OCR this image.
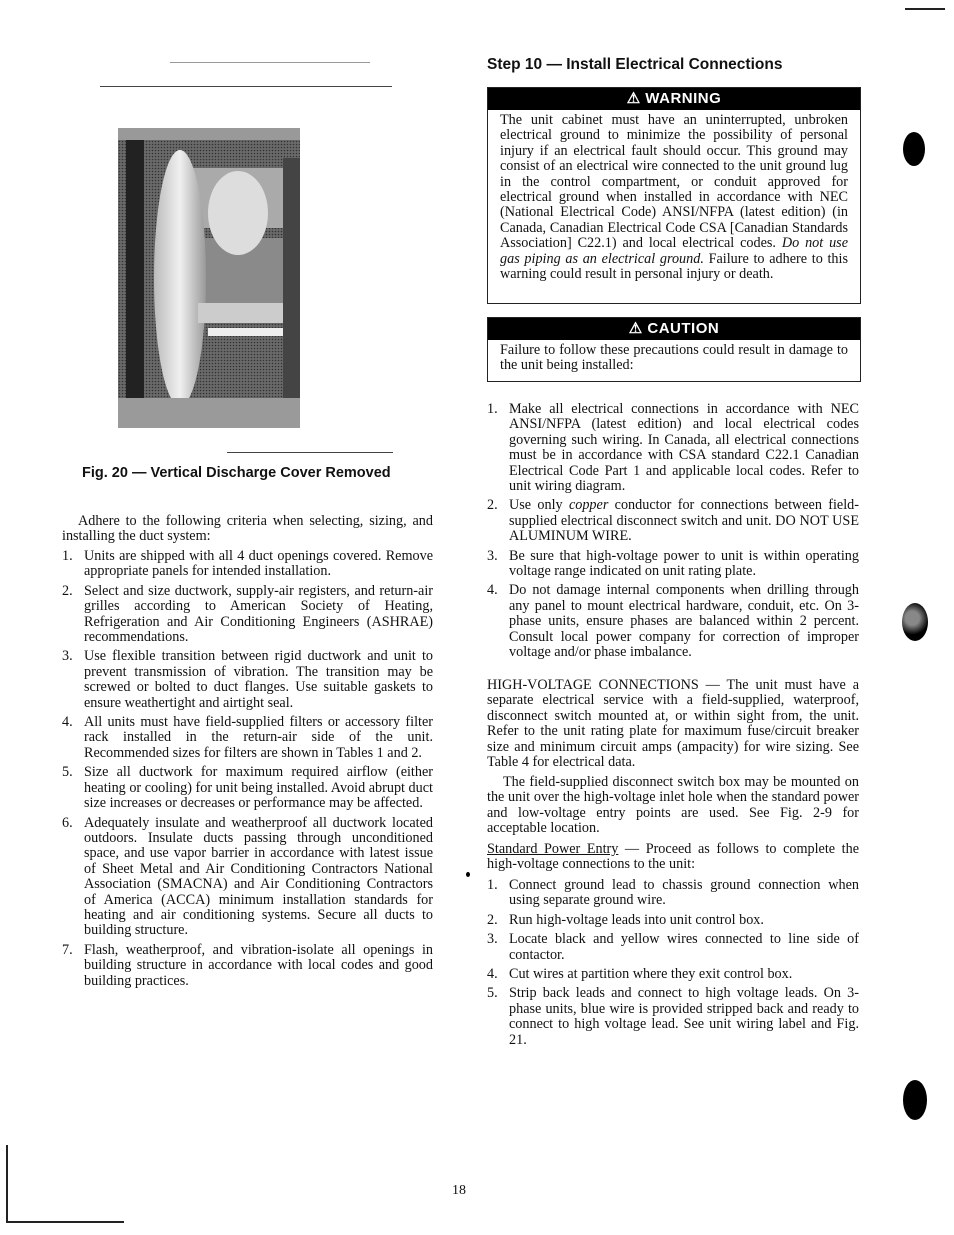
Fig. 20 — Vertical Discharge Cover Removed
Adhere to the following criteria when selecting, sizing, and installing the duct system:
1. Units are shipped with all 4 duct openings covered. Remove appropriate panels for intended installation.
2. Select and size ductwork, supply-air registers, and return-air grilles according to American Society of Heating, Refrigeration and Air Conditioning Engineers (ASHRAE) recommendations.
3. Use flexible transition between rigid ductwork and unit to prevent transmission of vibration. The transition may be screwed or bolted to duct flanges. Use suitable gaskets to ensure weathertight and airtight seal.
4. All units must have field-supplied filters or accessory filter rack installed in the return-air side of the unit. Recommended sizes for filters are shown in Tables 1 and 2.
5. Size all ductwork for maximum required airflow (either heating or cooling) for unit being installed. Avoid abrupt duct size increases or decreases or performance may be affected.
6. Adequately insulate and weatherproof all ductwork located outdoors. Insulate ducts passing through unconditioned space, and use vapor barrier in accordance with latest issue of Sheet Metal and Air Conditioning Contractors National Association (SMACNA) and Air Conditioning Contractors of America (ACCA) minimum installation standards for heating and air conditioning systems. Secure all ducts to building structure.
7. Flash, weatherproof, and vibration-isolate all openings in building structure in accordance with local codes and good building practices.
Step 10 — Install Electrical Connections
⚠ WARNING
The unit cabinet must have an uninterrupted, unbroken electrical ground to minimize the possibility of personal injury if an electrical fault should occur. This ground may consist of an electrical wire connected to the unit ground lug in the control compartment, or conduit approved for electrical ground when installed in accordance with NEC (National Electrical Code) ANSI/NFPA (latest edition) (in Canada, Canadian Electrical Code CSA [Canadian Standards Association] C22.1) and local electrical codes. Do not use gas piping as an electrical ground. Failure to adhere to this warning could result in personal injury or death.
⚠ CAUTION
Failure to follow these precautions could result in damage to the unit being installed:
1. Make all electrical connections in accordance with NEC ANSI/NFPA (latest edition) and local electrical codes governing such wiring. In Canada, all electrical connections must be in accordance with CSA standard C22.1 Canadian Electrical Code Part 1 and applicable local codes. Refer to unit wiring diagram.
2. Use only copper conductor for connections between field-supplied electrical disconnect switch and unit. DO NOT USE ALUMINUM WIRE.
3. Be sure that high-voltage power to unit is within operating voltage range indicated on unit rating plate.
4. Do not damage internal components when drilling through any panel to mount electrical hardware, conduit, etc. On 3-phase units, ensure phases are balanced within 2 percent. Consult local power company for correction of improper voltage and/or phase imbalance.
HIGH-VOLTAGE CONNECTIONS — The unit must have a separate electrical service with a field-supplied, waterproof, disconnect switch mounted at, or within sight from, the unit. Refer to the unit rating plate for maximum fuse/circuit breaker size and minimum circuit amps (ampacity) for wire sizing. See Table 4 for electrical data.
The field-supplied disconnect switch box may be mounted on the unit over the high-voltage inlet hole when the standard power and low-voltage entry points are used. See Fig. 2-9 for acceptable location.
Standard Power Entry — Proceed as follows to complete the high-voltage connections to the unit:
1. Connect ground lead to chassis ground connection when using separate ground wire.
2. Run high-voltage leads into unit control box.
3. Locate black and yellow wires connected to line side of contactor.
4. Cut wires at partition where they exit control box.
5. Strip back leads and connect to high voltage leads. On 3-phase units, blue wire is provided stripped back and ready to connect to high voltage lead. See unit wiring label and Fig. 21.
18
